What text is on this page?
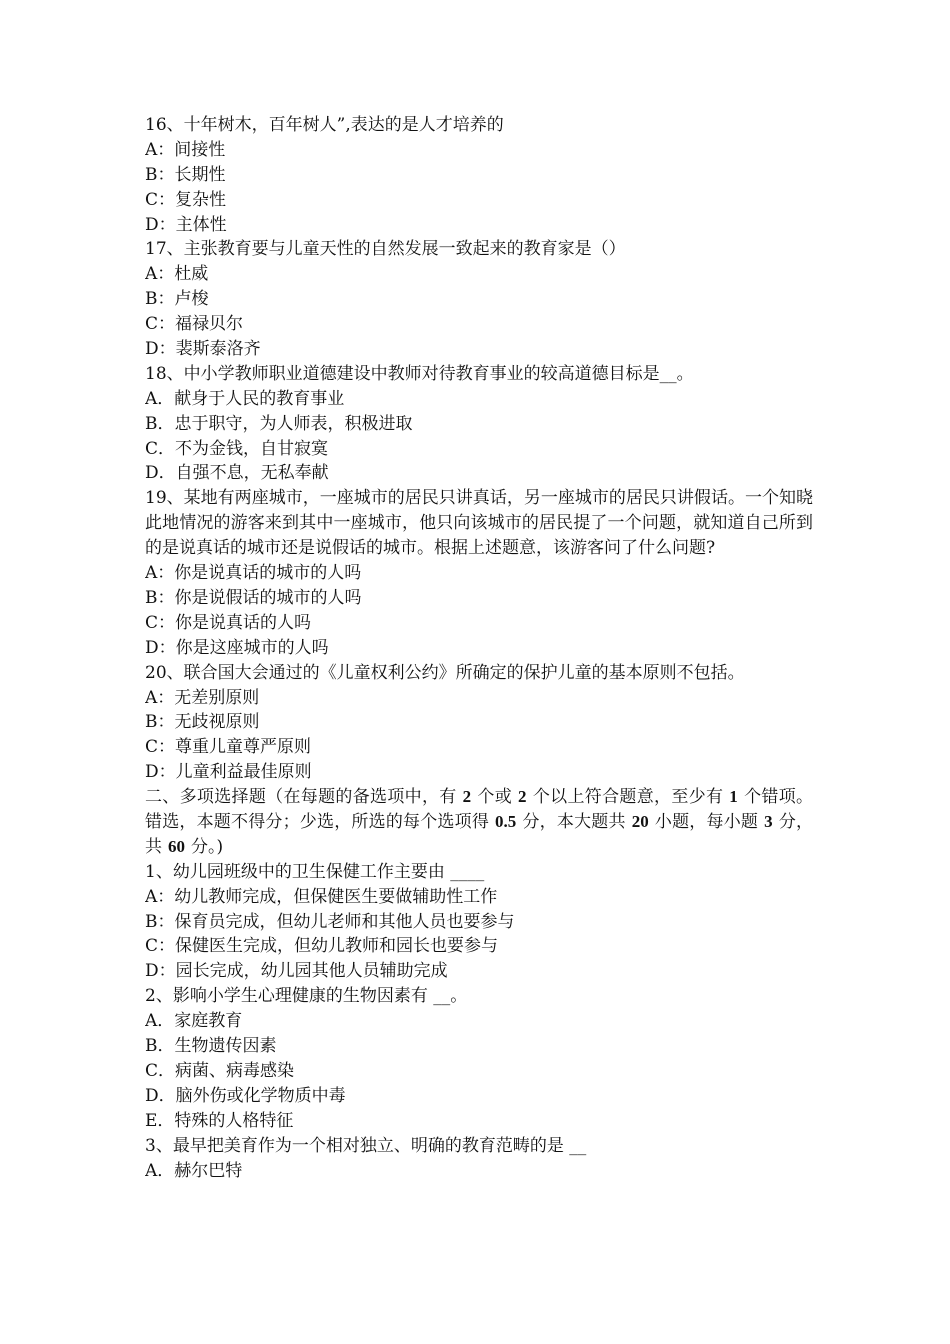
16、十年树木，百年树人”,表达的是人才培养的
A：间接性
B：长期性
C：复杂性
D：主体性
17、主张教育要与儿童天性的自然发展一致起来的教育家是（）
A：杜威
B：卢梭
C：福禄贝尔
D：裴斯泰洛齐
18、中小学教师职业道德建设中教师对待教育事业的较高道德目标是__。
A．献身于人民的教育事业
B．忠于职守，为人师表，积极进取
C．不为金钱，自甘寂寞
D．自强不息，无私奉献
19、某地有两座城市，一座城市的居民只讲真话，另一座城市的居民只讲假话。一个知晓此地情况的游客来到其中一座城市，他只向该城市的居民提了一个问题，就知道自己所到的是说真话的城市还是说假话的城市。根据上述题意，该游客问了什么问题?
A：你是说真话的城市的人吗
B：你是说假话的城市的人吗
C：你是说真话的人吗
D：你是这座城市的人吗
20、联合国大会通过的《儿童权利公约》所确定的保护儿童的基本原则不包括。
A：无差别原则
B：无歧视原则
C：尊重儿童尊严原则
D：儿童利益最佳原则
二、多项选择题（在每题的备选项中，有 2 个或 2 个以上符合题意，至少有 1 个错项。错选，本题不得分；少选，所选的每个选项得 0.5 分，本大题共 20 小题，每小题 3 分，共 60 分。)
1、幼儿园班级中的卫生保健工作主要由 ____
A：幼儿教师完成，但保健医生要做辅助性工作
B：保育员完成，但幼儿老师和其他人员也要参与
C：保健医生完成，但幼儿教师和园长也要参与
D：园长完成，幼儿园其他人员辅助完成
2、影响小学生心理健康的生物因素有 __。
A．家庭教育
B．生物遗传因素
C．病菌、病毒感染
D．脑外伤或化学物质中毒
E．特殊的人格特征
3、最早把美育作为一个相对独立、明确的教育范畴的是 __
A．赫尔巴特
